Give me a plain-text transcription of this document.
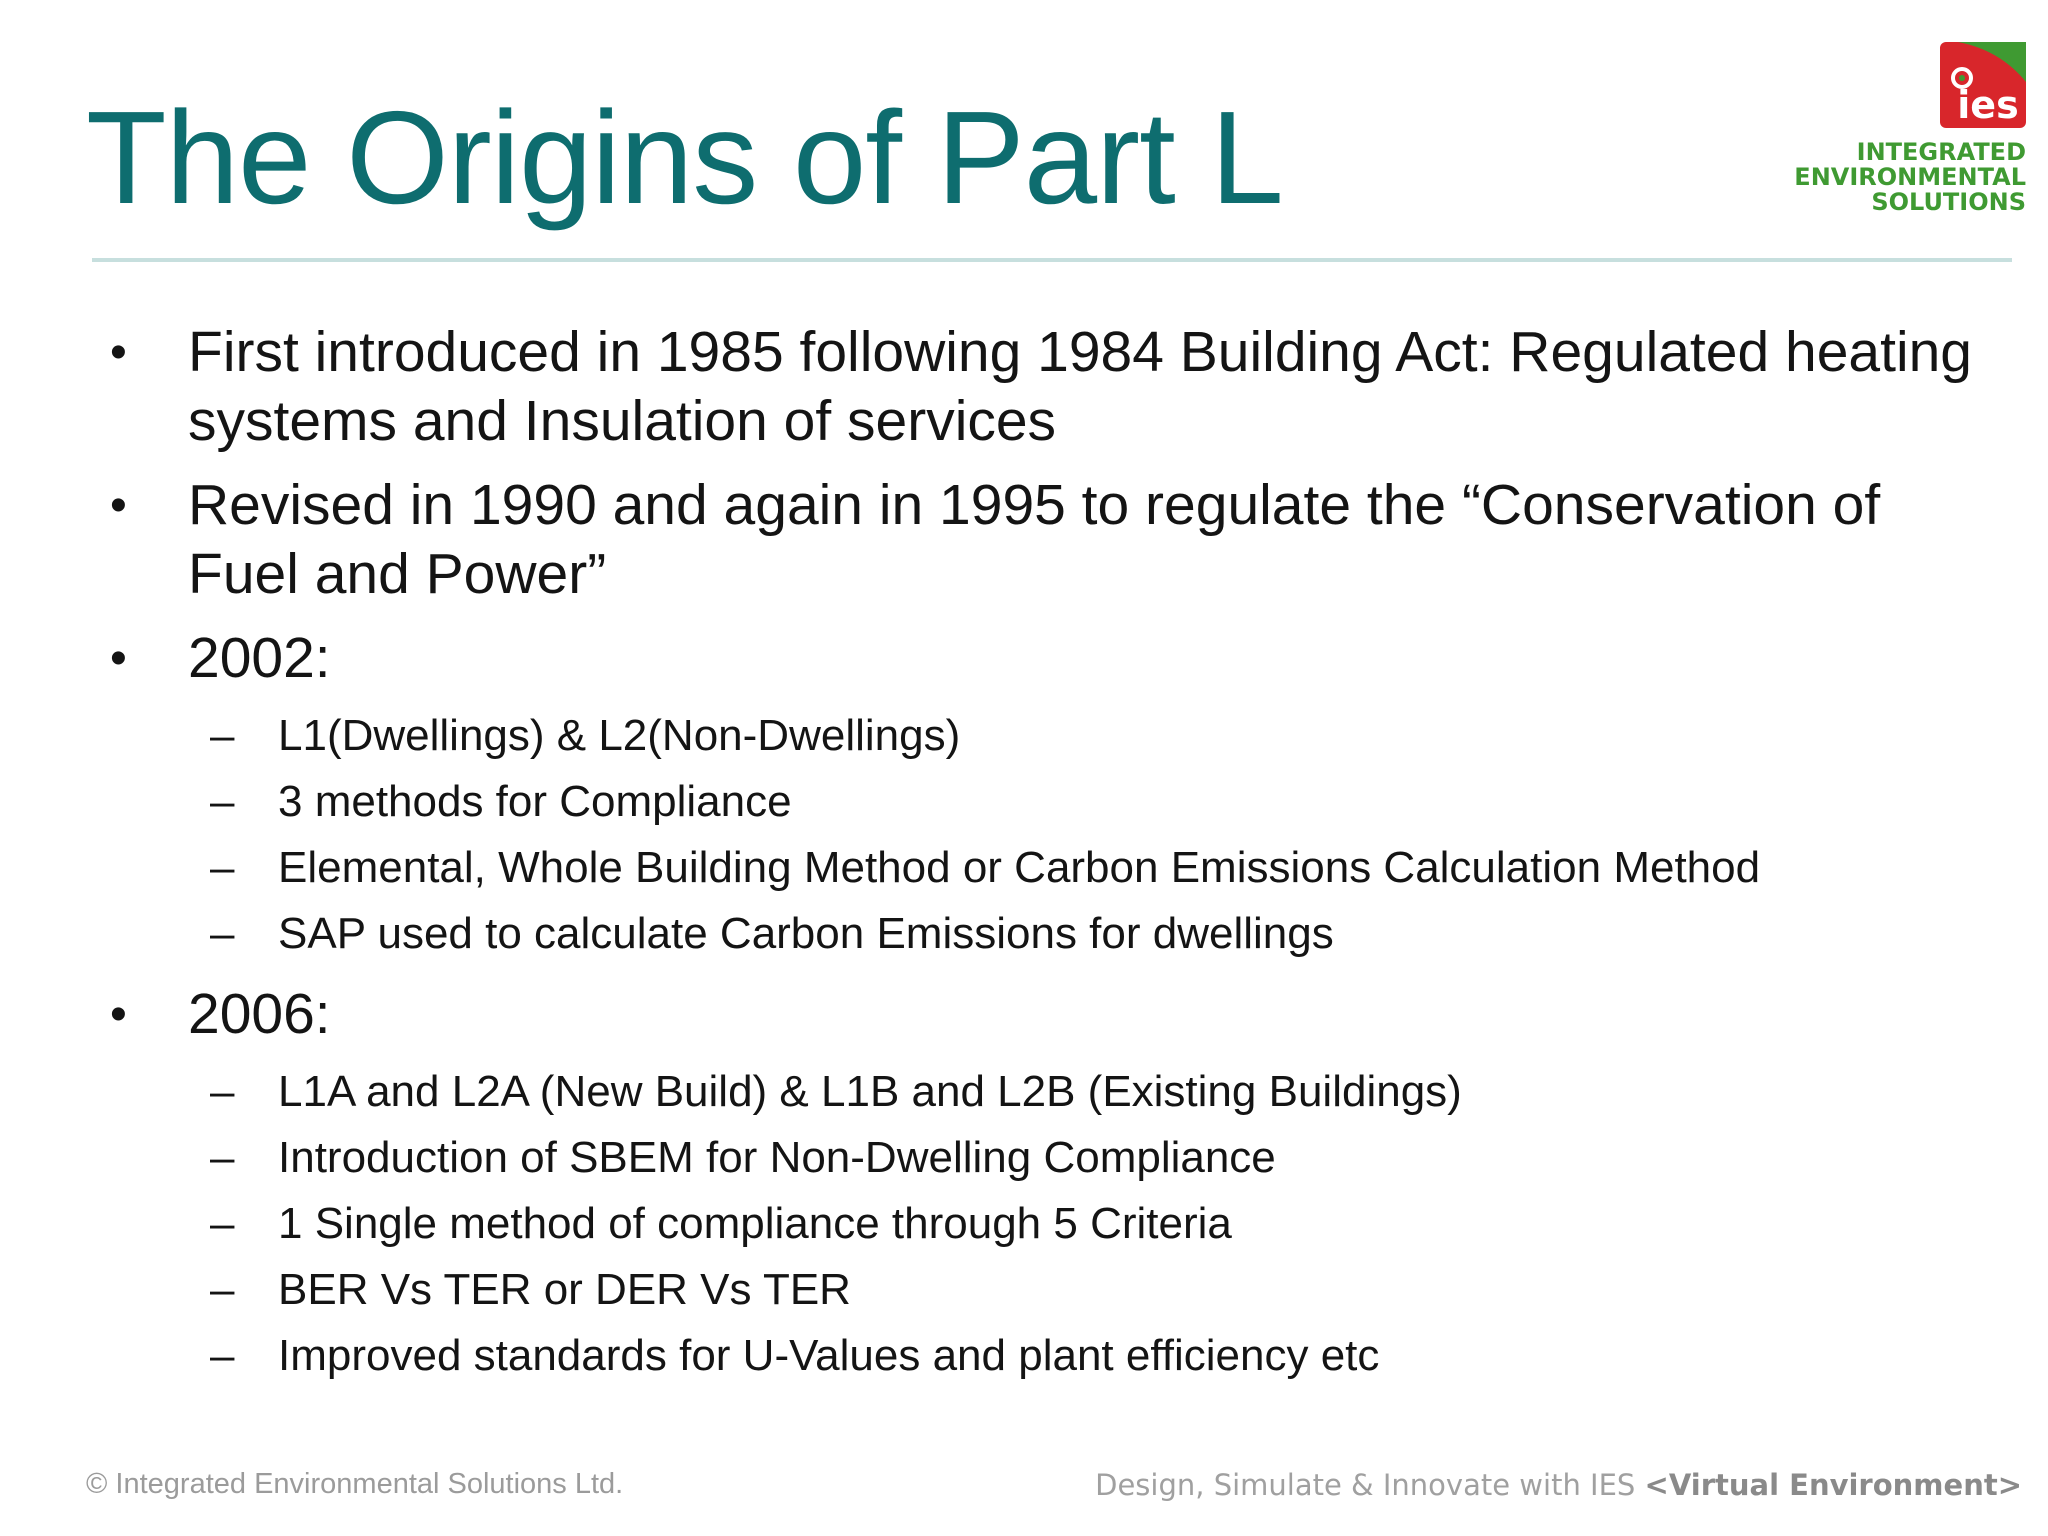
The Origins of Part L	ies
INTEGRATED
ENVIRONMENTAL
SOLUTIONS
• First introduced in 1985 following 1984 Building Act: Regulated heating systems and Insulation of services
• Revised in 1990 and again in 1995 to regulate the “Conservation of Fuel and Power”
• 2002:
– L1(Dwellings) & L2(Non-Dwellings)
– 3 methods for Compliance
– Elemental, Whole Building Method or Carbon Emissions Calculation Method
– SAP used to calculate Carbon Emissions for dwellings
• 2006:
– L1A and L2A (New Build) & L1B and L2B (Existing Buildings)
– Introduction of SBEM for Non-Dwelling Compliance
– 1 Single method of compliance through 5 Criteria
– BER Vs TER or DER Vs TER
– Improved standards for U-Values and plant efficiency etc
© Integrated Environmental Solutions Ltd.	Design, Simulate & Innovate with IES <Virtual Environment>
